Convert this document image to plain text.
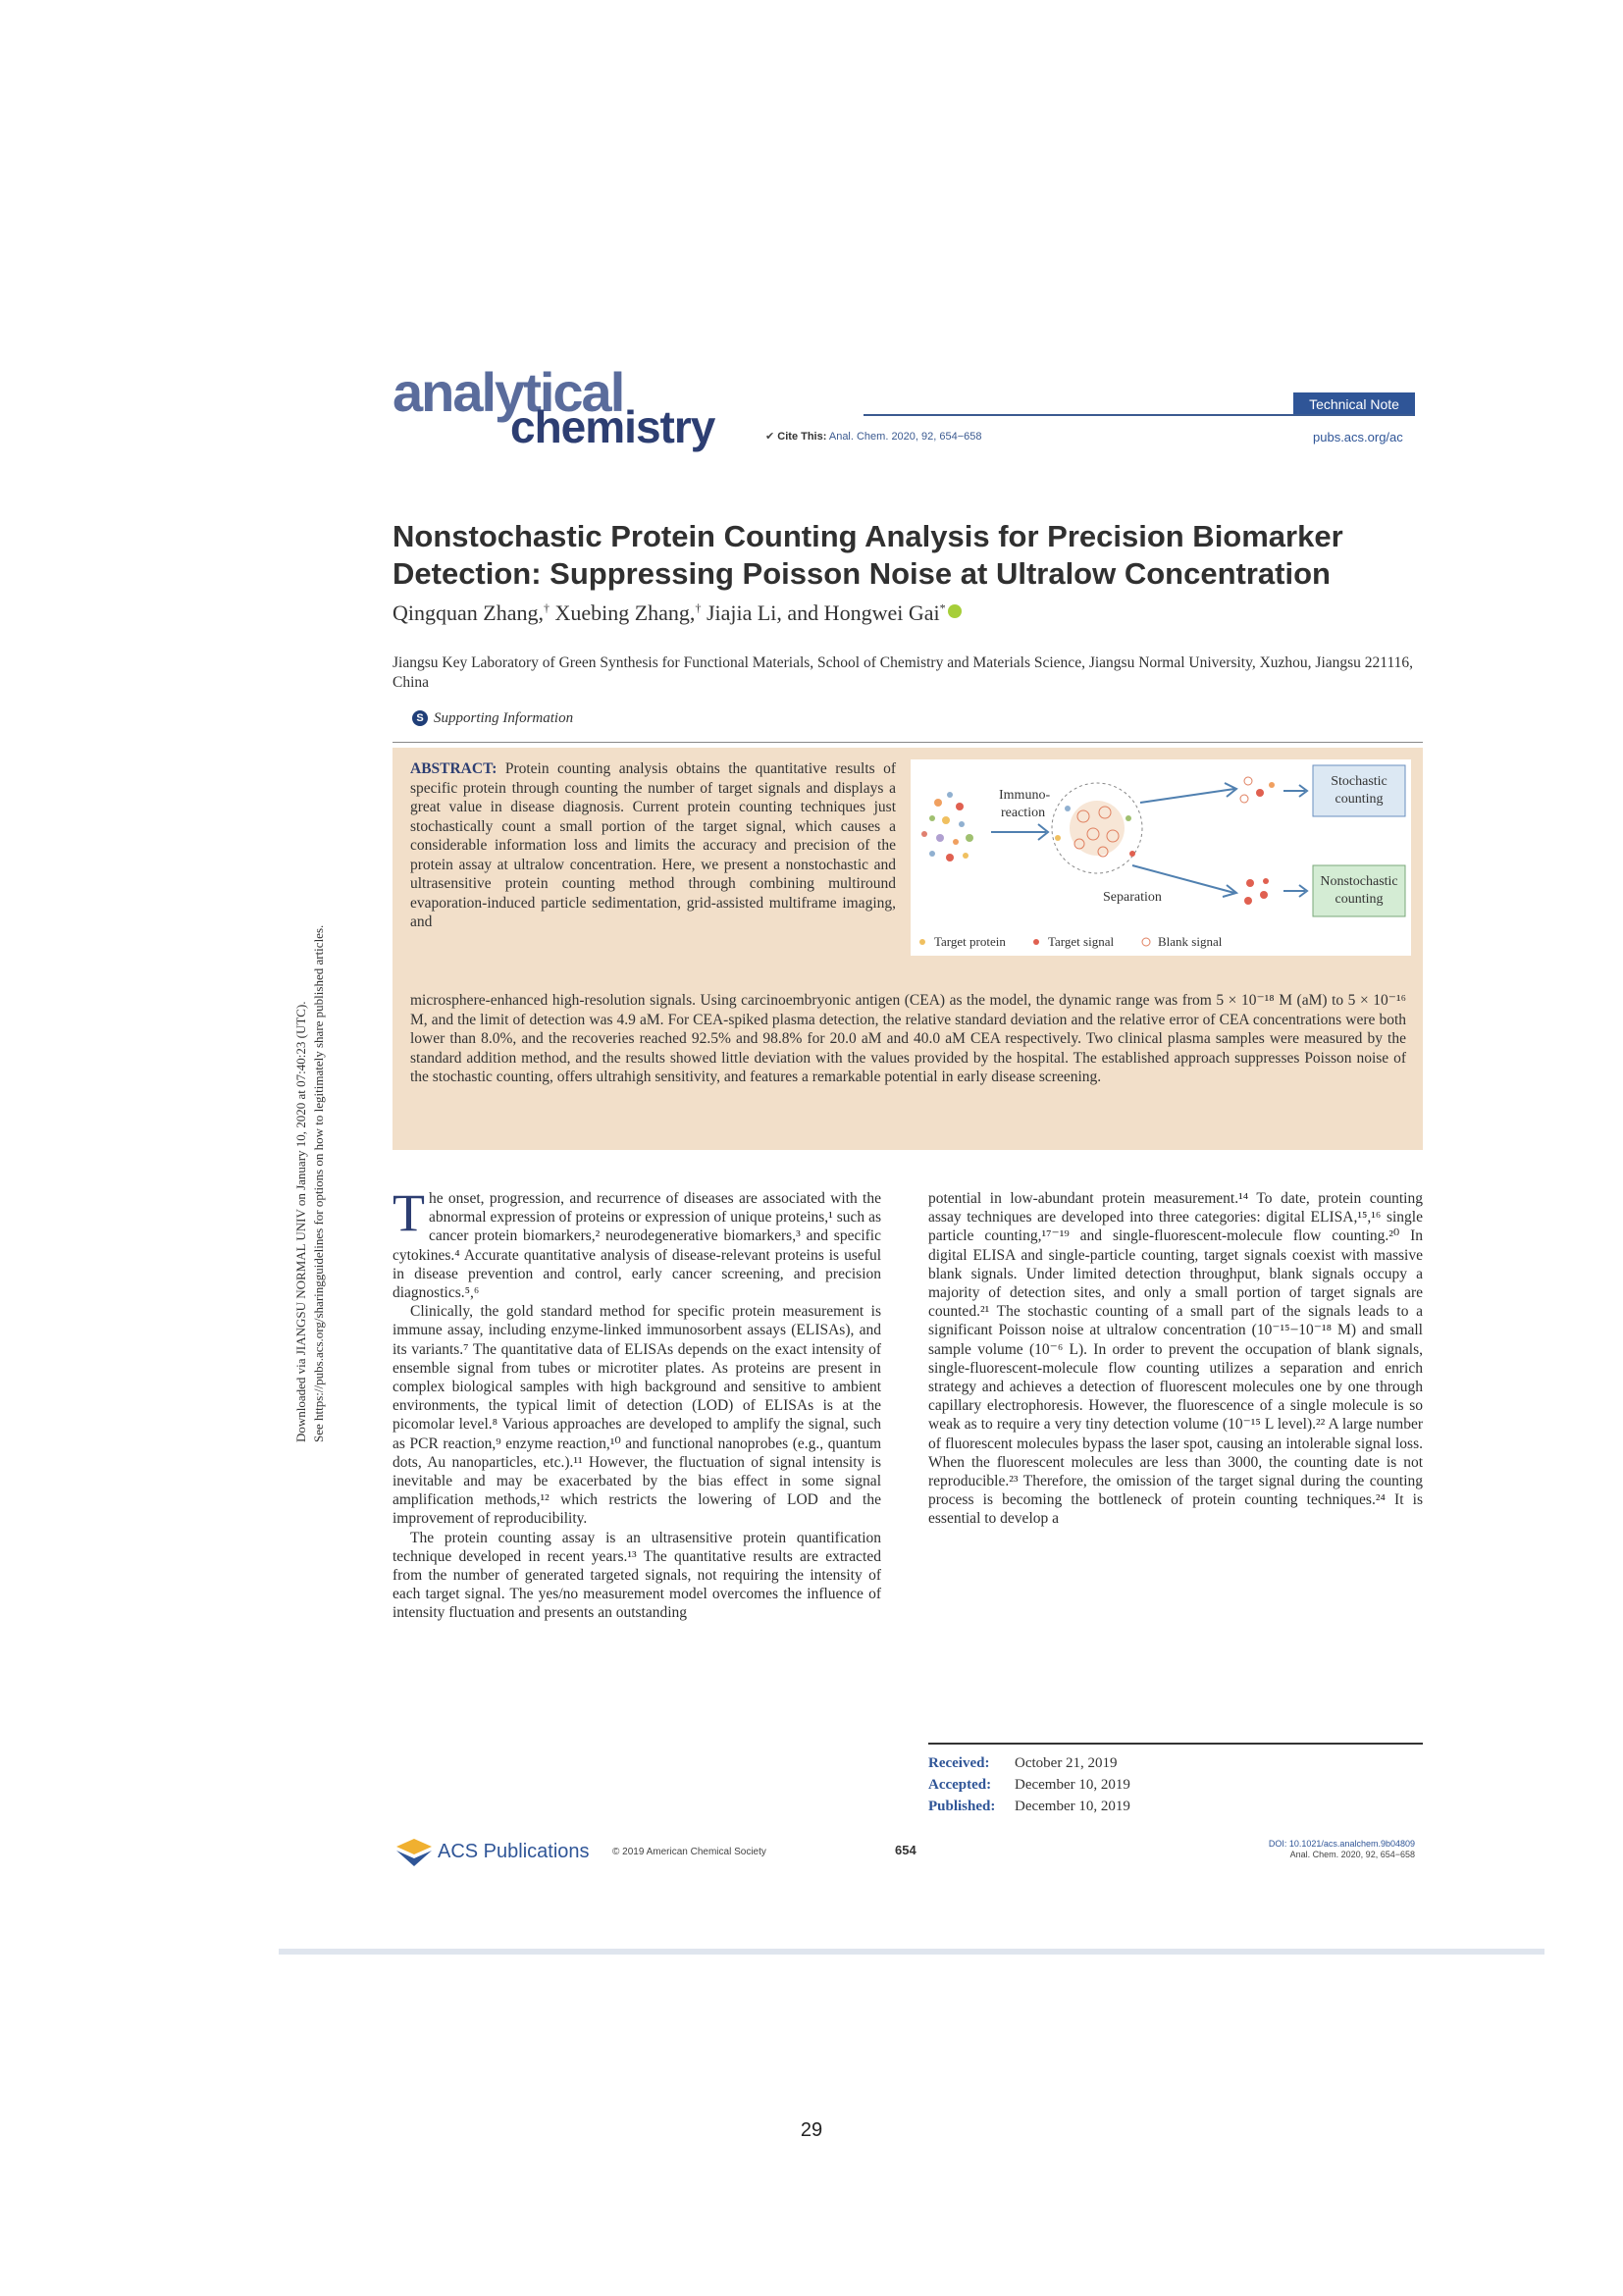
Downloaded via JIANGSU NORMAL UNIV on January 10, 2020 at 07:40:23 (UTC). See https://pubs.acs.org/sharingguidelines for options on how to legitimately share published articles.
analytical
chemistry	Technical Note
✔︎ Cite This: Anal. Chem. 2020, 92, 654−658	pubs.acs.org/ac
Nonstochastic Protein Counting Analysis for Precision Biomarker Detection: Suppressing Poisson Noise at Ultralow Concentration
Qingquan Zhang,† Xuebing Zhang,† Jiajia Li, and Hongwei Gai*
Jiangsu Key Laboratory of Green Synthesis for Functional Materials, School of Chemistry and Materials Science, Jiangsu Normal University, Xuzhou, Jiangsu 221116, China
S Supporting Information
ABSTRACT: Protein counting analysis obtains the quantitative results of specific protein through counting the number of target signals and displays a great value in disease diagnosis. Current protein counting techniques just stochastically count a small portion of the target signal, which causes a considerable information loss and limits the accuracy and precision of the protein assay at ultralow concentration. Here, we present a nonstochastic and ultrasensitive protein counting method through combining multiround evaporation-induced particle sedimentation, grid-assisted multiframe imaging, and
microsphere-enhanced high-resolution signals. Using carcinoembryonic antigen (CEA) as the model, the dynamic range was from 5 × 10⁻¹⁸ M (aM) to 5 × 10⁻¹⁶ M, and the limit of detection was 4.9 aM. For CEA-spiked plasma detection, the relative standard deviation and the relative error of CEA concentrations were both lower than 8.0%, and the recoveries reached 92.5% and 98.8% for 20.0 aM and 40.0 aM CEA respectively. Two clinical plasma samples were measured by the standard addition method, and the results showed little deviation with the values provided by the hospital. The established approach suppresses Poisson noise of the stochastic counting, offers ultrahigh sensitivity, and features a remarkable potential in early disease screening.
Immuno-
reaction
Separation
Stochastic
counting
Nonstochastic
counting
Target protein	Target signal	Blank signal

The onset, progression, and recurrence of diseases are associated with the abnormal expression of proteins or expression of unique proteins,¹ such as cancer protein biomarkers,² neurodegenerative biomarkers,³ and specific cytokines.⁴ Accurate quantitative analysis of disease-relevant proteins is useful in disease prevention and control, early cancer screening, and precision diagnostics.⁵,⁶

Clinically, the gold standard method for specific protein measurement is immune assay, including enzyme-linked immunosorbent assays (ELISAs), and its variants.⁷ The quantitative data of ELISAs depends on the exact intensity of ensemble signal from tubes or microtiter plates. As proteins are present in complex biological samples with high background and sensitive to ambient environments, the typical limit of detection (LOD) of ELISAs is at the picomolar level.⁸ Various approaches are developed to amplify the signal, such as PCR reaction,⁹ enzyme reaction,¹⁰ and functional nanoprobes (e.g., quantum dots, Au nanoparticles, etc.).¹¹ However, the fluctuation of signal intensity is inevitable and may be exacerbated by the bias effect in some signal amplification methods,¹² which restricts the lowering of LOD and the improvement of reproducibility.

The protein counting assay is an ultrasensitive protein quantification technique developed in recent years.¹³ The quantitative results are extracted from the number of generated targeted signals, not requiring the intensity of each target signal. The yes/no measurement model overcomes the influence of intensity fluctuation and presents an outstanding

potential in low-abundant protein measurement.¹⁴ To date, protein counting assay techniques are developed into three categories: digital ELISA,¹⁵,¹⁶ single particle counting,¹⁷⁻¹⁹ and single-fluorescent-molecule flow counting.²⁰ In digital ELISA and single-particle counting, target signals coexist with massive blank signals. Under limited detection throughput, blank signals occupy a majority of detection sites, and only a small portion of target signals are counted.²¹ The stochastic counting of a small part of the signals leads to a significant Poisson noise at ultralow concentration (10⁻¹⁵−10⁻¹⁸ M) and small sample volume (10⁻⁶ L). In order to prevent the occupation of blank signals, single-fluorescent-molecule flow counting utilizes a separation and enrich strategy and achieves a detection of fluorescent molecules one by one through capillary electrophoresis. However, the fluorescence of a single molecule is so weak as to require a very tiny detection volume (10⁻¹⁵ L level).²² A large number of fluorescent molecules bypass the laser spot, causing an intolerable signal loss. When the fluorescent molecules are less than 3000, the counting date is not reproducible.²³ Therefore, the omission of the target signal during the counting process is becoming the bottleneck of protein counting techniques.²⁴ It is essential to develop a

Received: October 21, 2019
Accepted: December 10, 2019
Published: December 10, 2019
ACS Publications © 2019 American Chemical Society	654	DOI: 10.1021/acs.analchem.9b04809
Anal. Chem. 2020, 92, 654−658
29
